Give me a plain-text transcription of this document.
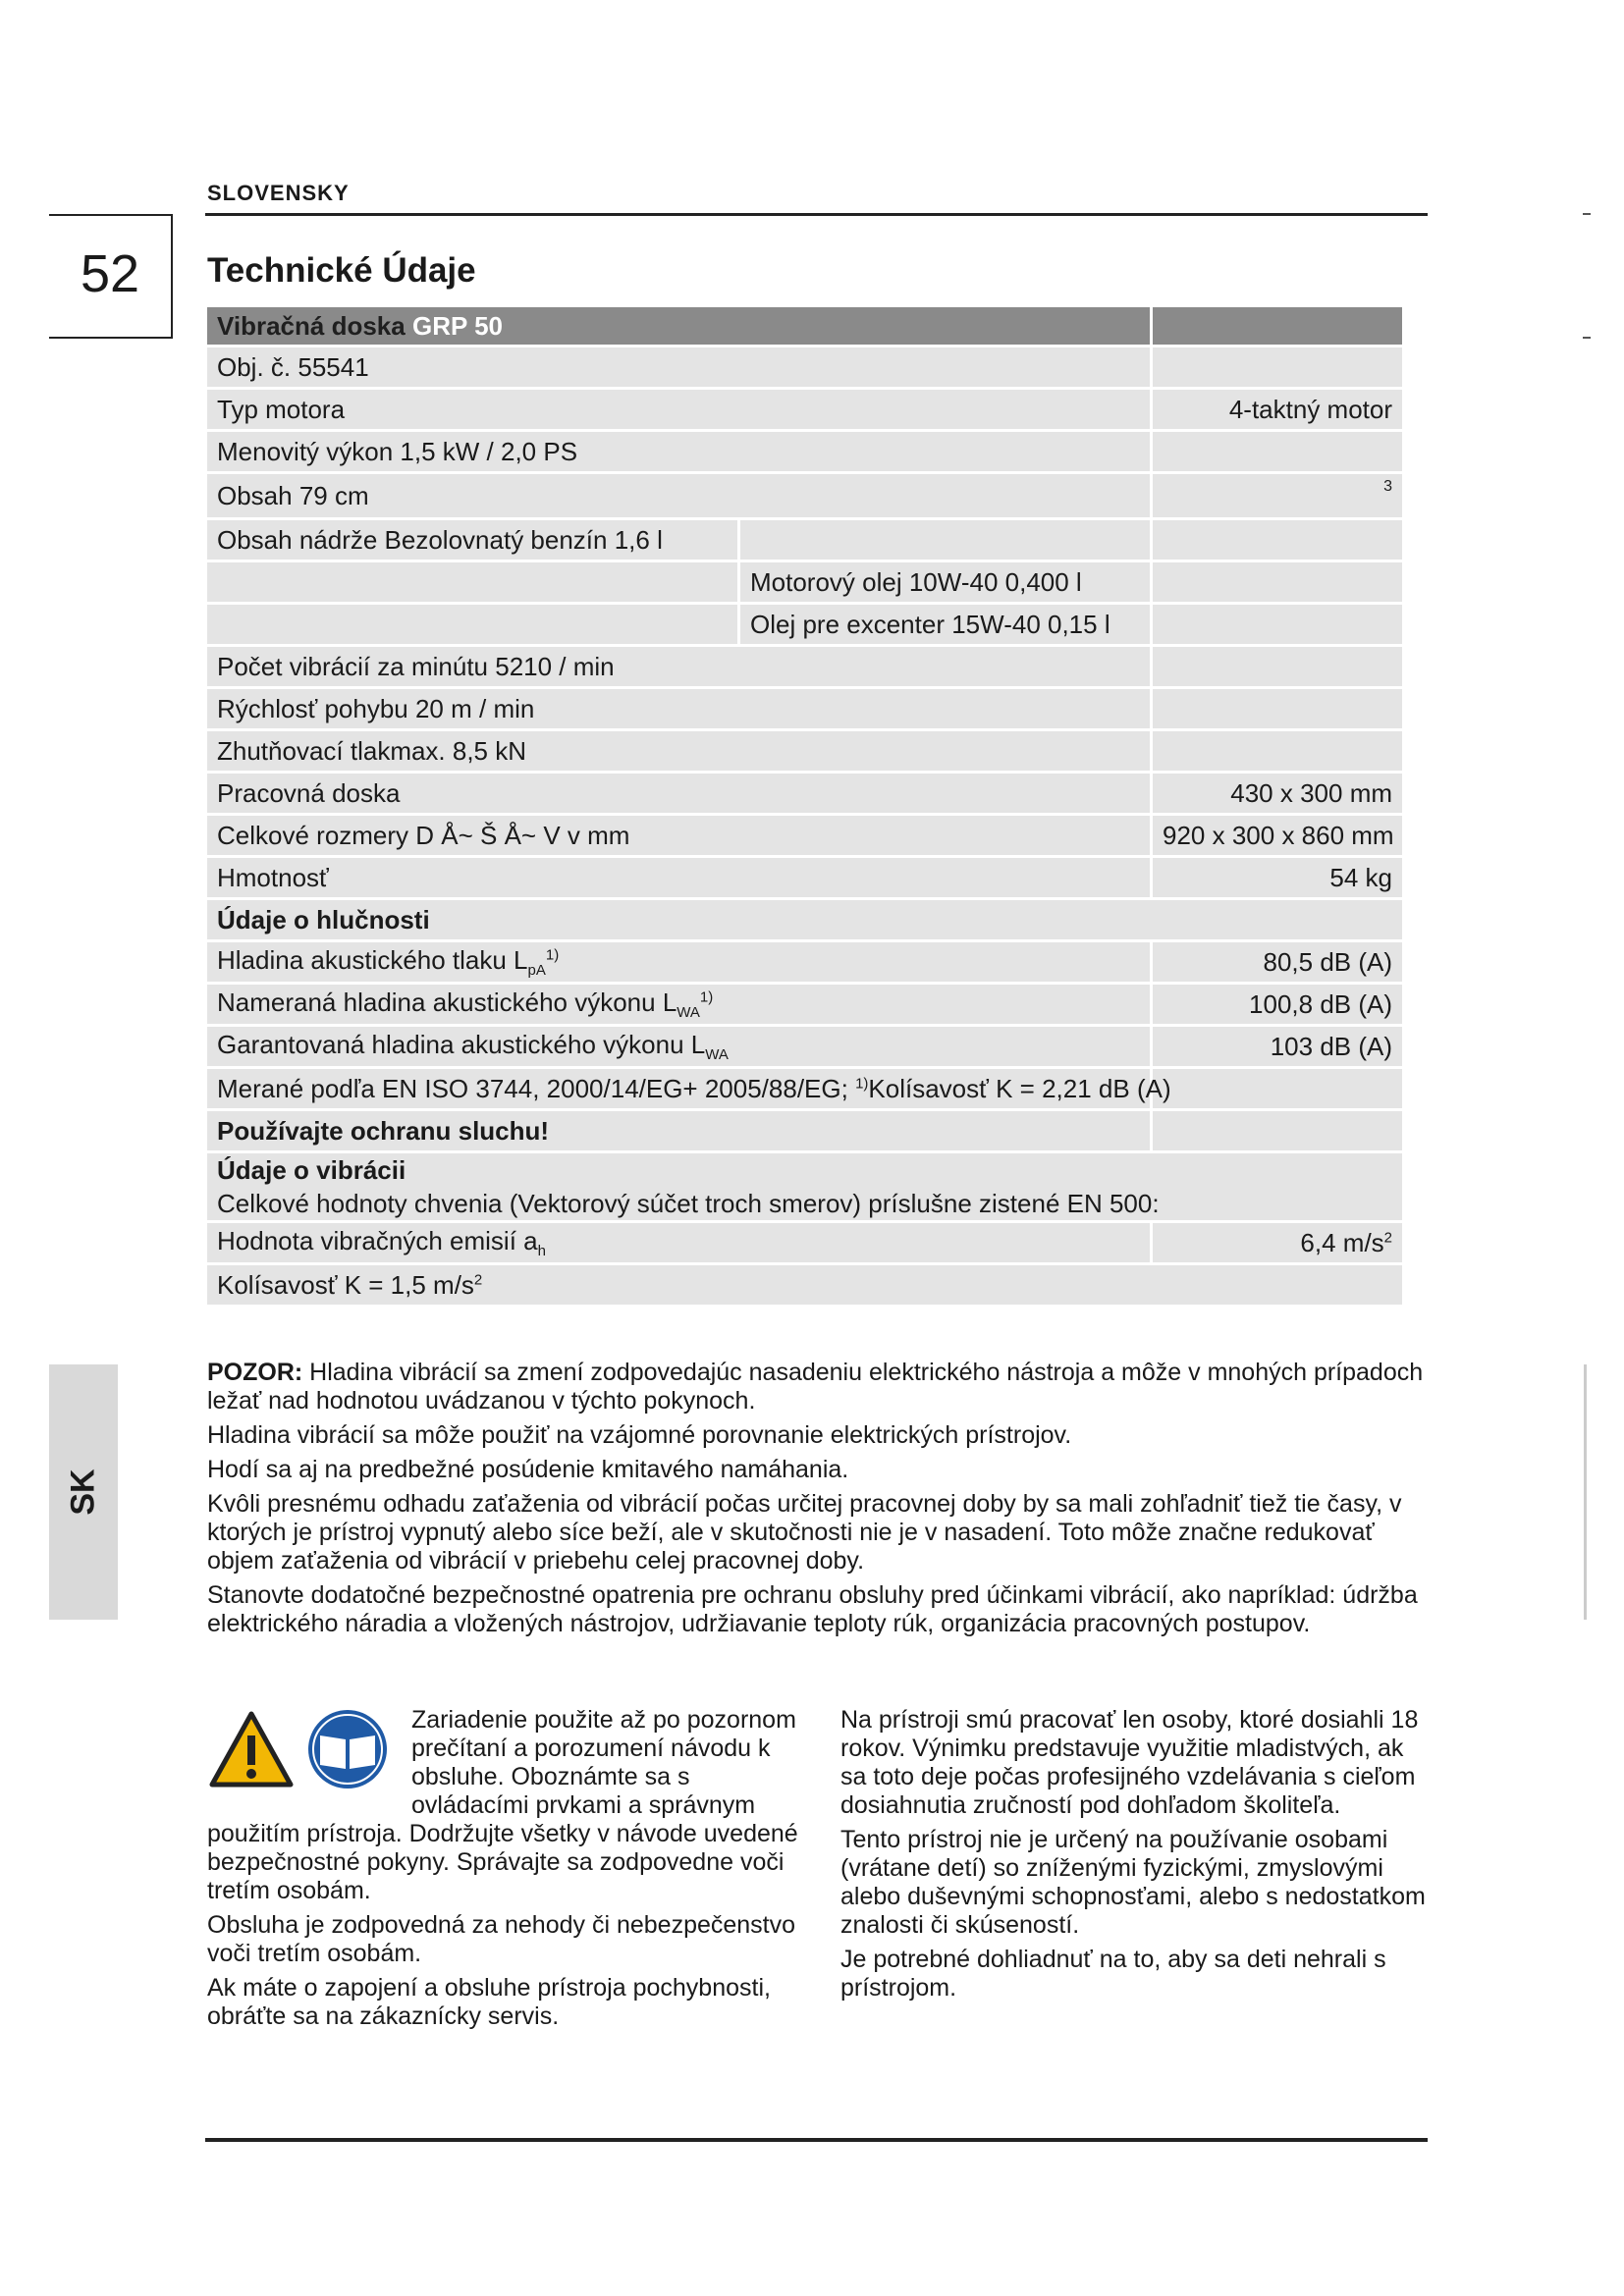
SLOVENSKY
52	Technické Údaje
Vibračná doska GRP 50		
Obj. č. 55541		
Typ motora		4-taktný motor
Menovitý výkon 1,5 kW / 2,0 PS		
Obsah 79 cm		3
Obsah nádrže Bezolovnatý benzín 1,6 l		
	Motorový olej 10W-40 0,400 l	
	Olej pre excenter 15W-40 0,15 l	
Počet vibrácií za minútu 5210 / min		
Rýchlosť pohybu 20 m / min		
Zhutňovací tlakmax. 8,5 kN		
Pracovná doska		430 x 300 mm
Celkové rozmery D Å~ Š Å~ V v mm		920 x 300 x 860 mm
Hmotnosť		54 kg
Údaje o hlučnosti		
Hladina akustického tlaku $L_{pA}^{1)}$		80,5 dB (A)
Nameraná hladina akustického výkonu $L_{WA}^{1)}$		100,8 dB (A)
Garantovaná hladina akustického výkonu $L_{WA}$		103 dB (A)
Merané podľa EN ISO 3744, 2000/14/EG+ 2005/88/EG; $^{1)}$Kolísavosť K = 2,21 dB (A)		
Používajte ochranu sluchu!		

Údaje o vibrácii
Celkové hodnoty chvenia (Vektorový súčet troch smerov) príslušne zistené EN 500:		

Hodnota vibračných emisií $a_h$		6,4 $m/s^2$
Kolísavosť K = 1,5 $m/s^2$
SK

POZOR: Hladina vibrácií sa zmení zodpovedajúc nasadeniu elektrického nástroja a môže v mnohých prípadoch ležať nad hodnotou uvádzanou v týchto pokynoch.

Hladina vibrácií sa môže použiť na vzájomné porovnanie elektrických prístrojov.

Hodí sa aj na predbežné posúdenie kmitavého namáhania.

Kvôli presnému odhadu zaťaženia od vibrácií počas určitej pracovnej doby by sa mali zohľadniť tiež tie časy, v ktorých je prístroj vypnutý alebo síce beží, ale v skutočnosti nie je v nasadení. Toto môže značne redukovať objem zaťaženia od vibrácií v priebehu celej pracovnej doby.

Stanovte dodatočné bezpečnostné opatrenia pre ochranu obsluhy pred účinkami vibrácií, ako napríklad: údržba elektrického náradia a vložených nástrojov, udržiavanie teploty rúk, organizácia pracovných postupov.

Zariadenie použite až po pozornom prečítaní a porozumení návodu k obsluhe. Oboznámte sa s ovládacími prvkami a správnym použitím prístroja. Dodržujte všetky v návode uvedené bezpečnostné pokyny. Správajte sa zodpovedne voči tretím osobám.

Obsluha je zodpovedná za nehody či nebezpečenstvo voči tretím osobám.

Ak máte o zapojení a obsluhe prístroja pochybnosti, obráťte sa na zákaznícky servis.

Na prístroji smú pracovať len osoby, ktoré dosiahli 18 rokov. Výnimku predstavuje využitie mladistvých, ak sa toto deje počas profesijného vzdelávania s cieľom dosiahnutia zručností pod dohľadom školiteľa.

Tento prístroj nie je určený na používanie osobami (vrátane detí) so zníženými fyzickými, zmyslovými alebo duševnými schopnosťami, alebo s nedostatkom znalosti či skúseností.

Je potrebné dohliadnuť na to, aby sa deti nehrali s prístrojom.
